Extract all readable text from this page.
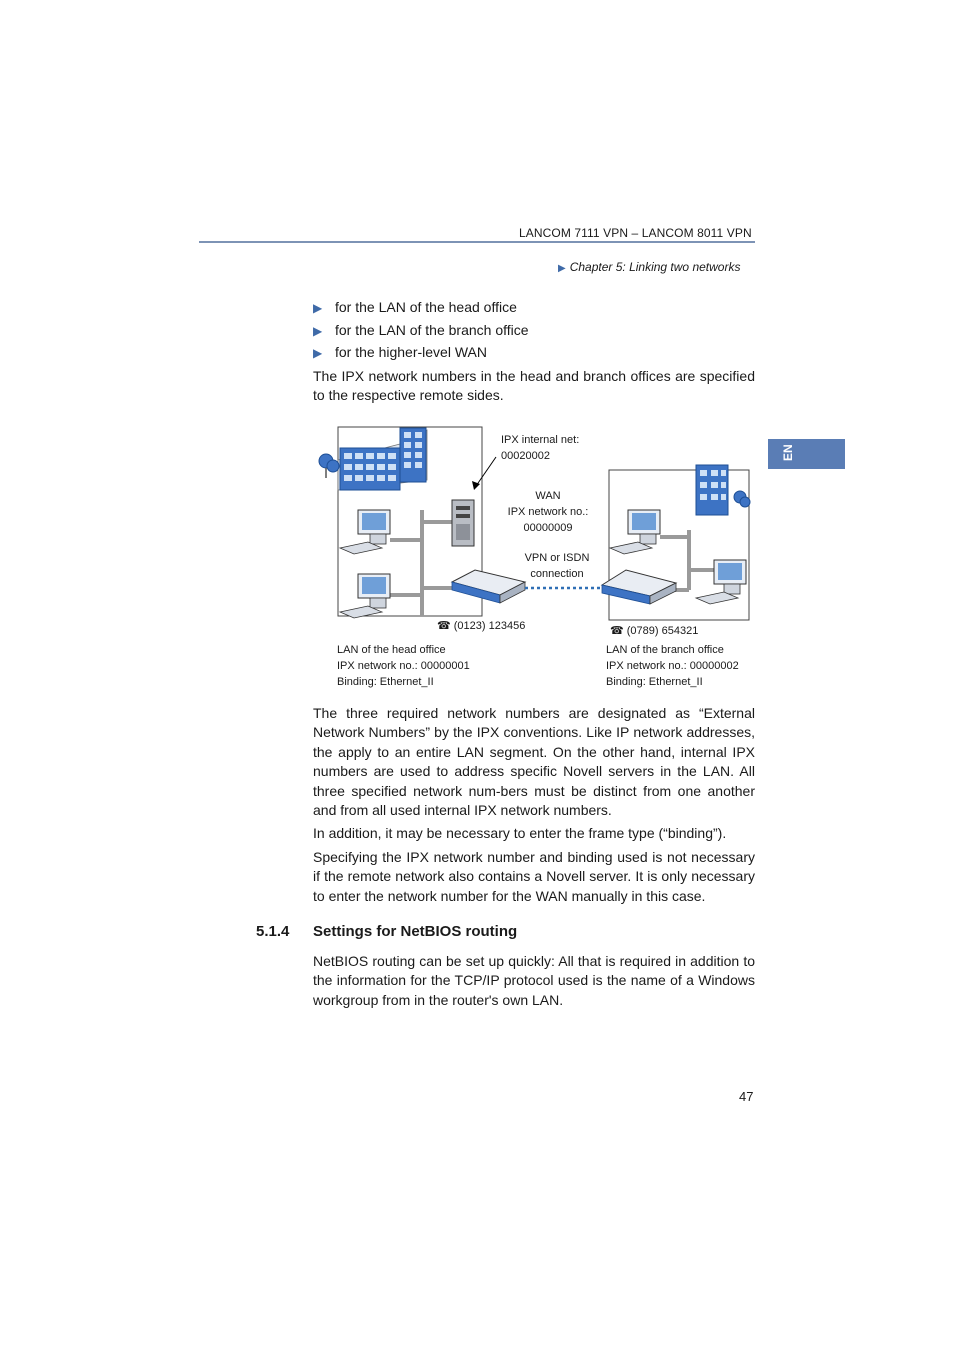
LANCOM 7111 VPN – LANCOM 8011 VPN
▶ Chapter 5: Linking two networks
EN
▶ for the LAN of the head office
▶ for the LAN of the branch office
▶ for the higher-level WAN
The IPX network numbers in the head and branch offices are specified to the respective remote sides.
IPX internal net:
00020002
WAN
IPX network no.:
00000009
VPN or ISDN
connection
☎ (0123) 123456	☎ (0789) 654321
LAN of the head office
IPX network no.: 00000001
Binding: Ethernet_II
LAN of the branch office
IPX network no.: 00000002
Binding: Ethernet_II
The three required network numbers are designated as “External Network Numbers” by the IPX conventions. Like IP network addresses, the apply to an entire LAN segment. On the other hand, internal IPX numbers are used to address specific Novell servers in the LAN. All three specified network num-bers must be distinct from one another and from all used internal IPX network numbers.
In addition, it may be necessary to enter the frame type (“binding”).
Specifying the IPX network number and binding used is not necessary if the remote network also contains a Novell server. It is only necessary to enter the network number for the WAN manually in this case.
5.1.4 Settings for NetBIOS routing
NetBIOS routing can be set up quickly: All that is required in addition to the information for the TCP/IP protocol used is the name of a Windows workgroup from in the router's own LAN.
47
